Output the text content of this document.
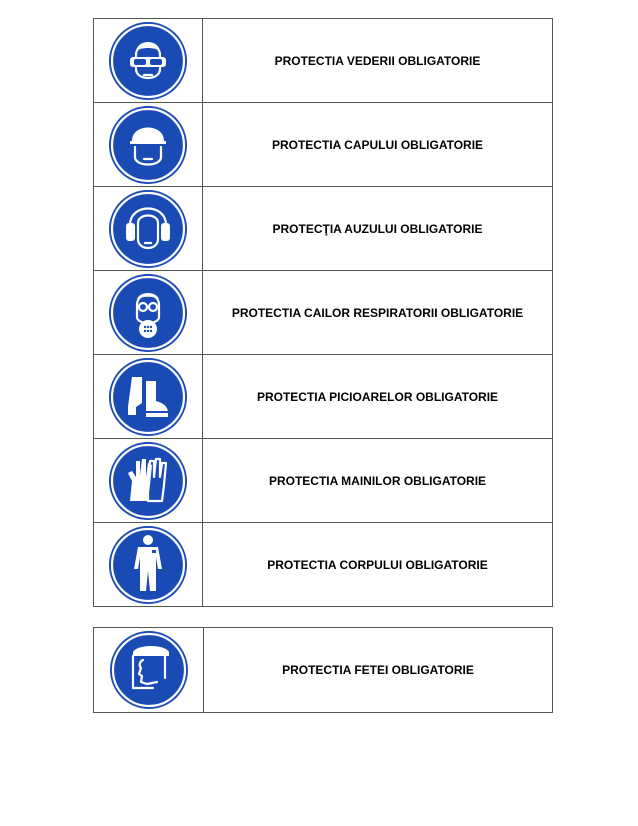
	PROTECTIA VEDERII OBLIGATORIE

	PROTECTIA CAPULUI OBLIGATORIE

	PROTECŢIA AUZULUI OBLIGATORIE

	PROTECTIA CAILOR RESPIRATORII OBLIGATORIE

	PROTECTIA PICIOARELOR OBLIGATORIE

	PROTECTIA MAINILOR OBLIGATORIE

	PROTECTIA CORPULUI OBLIGATORIE
	PROTECTIA FETEI OBLIGATORIE
